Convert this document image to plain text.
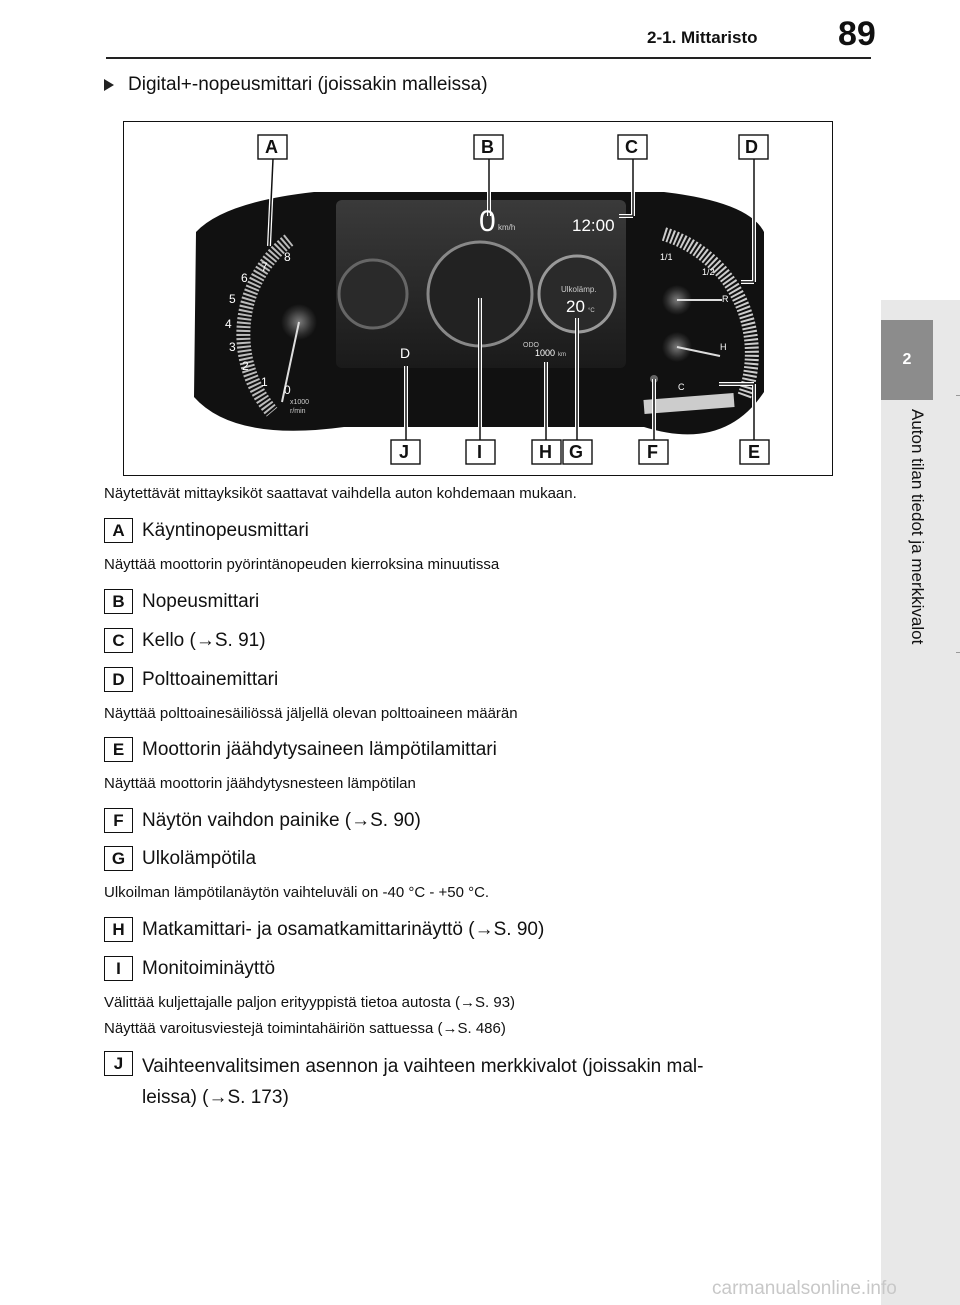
2-1. Mittaristo 89
2
Auton tilan tiedot ja merkkivalot
Digital+-nopeusmittari (joissakin malleissa)
0 km/h	12:00
Ulkolämp.
20 °C
ODO
1000 km
D
1
2
3
4
5
6
7
8
0
x1000
r/min
1/1
1/2
R
H
C
A	B	C	D
J	I	H G	F	E
Näytettävät mittayksiköt saattavat vaihdella auton kohdemaan mukaan.
A Käyntinopeusmittari
Näyttää moottorin pyörintänopeuden kierroksina minuutissa
B Nopeusmittari
C Kello (→S. 91)
D Polttoainemittari
Näyttää polttoainesäiliössä jäljellä olevan polttoaineen määrän
E Moottorin jäähdytysaineen lämpötilamittari
Näyttää moottorin jäähdytysnesteen lämpötilan
F Näytön vaihdon painike (→S. 90)
G Ulkolämpötila
Ulkoilman lämpötilanäytön vaihteluväli on -40 °C - +50 °C.
H Matkamittari- ja osamatkamittarinäyttö (→S. 90)
I	Monitoiminäyttö
Välittää kuljettajalle paljon erityyppistä tietoa autosta (→S. 93)
Näyttää varoitusviestejä toimintahäiriön sattuessa (→S. 486)
J Vaihteenvalitsimen asennon ja vaihteen merkkivalot (joissakin mal-
leissa) (→S. 173)
carmanualsonline.info
